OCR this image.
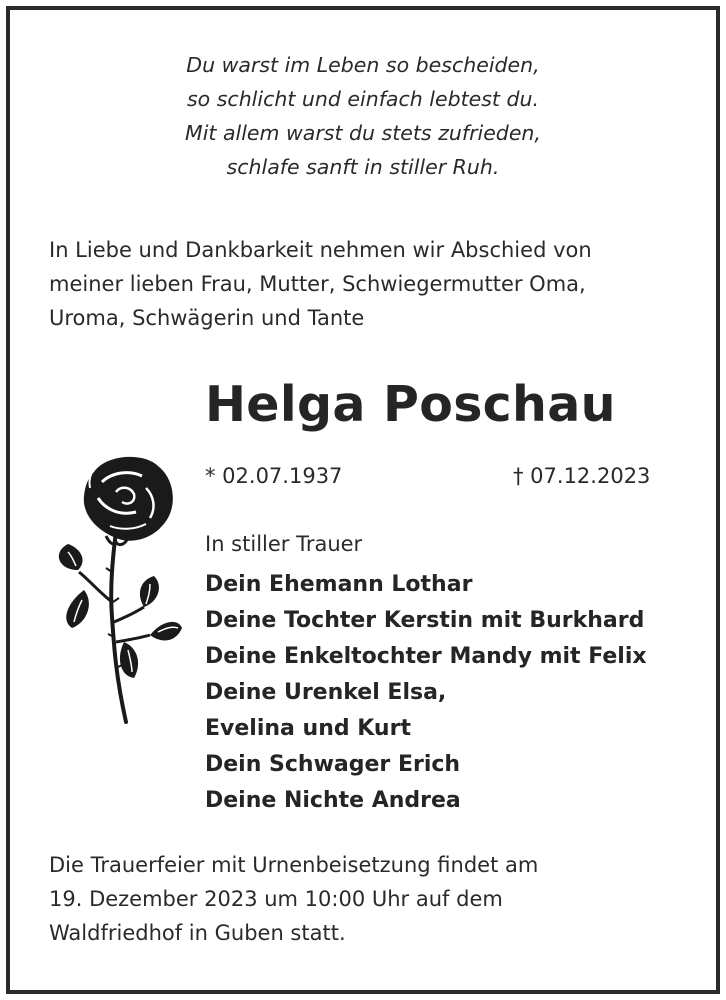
Du warst im Leben so bescheiden,
so schlicht und einfach lebtest du.
Mit allem warst du stets zufrieden,
schlafe sanft in stiller Ruh.
In Liebe und Dankbarkeit nehmen wir Abschied von
meiner lieben Frau, Mutter, Schwiegermutter Oma,
Uroma, Schwägerin und Tante
Helga Poschau
* 02.07.1937	† 07.12.2023
In stiller Trauer
Dein Ehemann Lothar
Deine Tochter Kerstin mit Burkhard
Deine Enkeltochter Mandy mit Felix
Deine Urenkel Elsa,
Evelina und Kurt
Dein Schwager Erich
Deine Nichte Andrea
Die Trauerfeier mit Urnenbeisetzung findet am
19. Dezember 2023 um 10:00 Uhr auf dem
Waldfriedhof in Guben statt.
